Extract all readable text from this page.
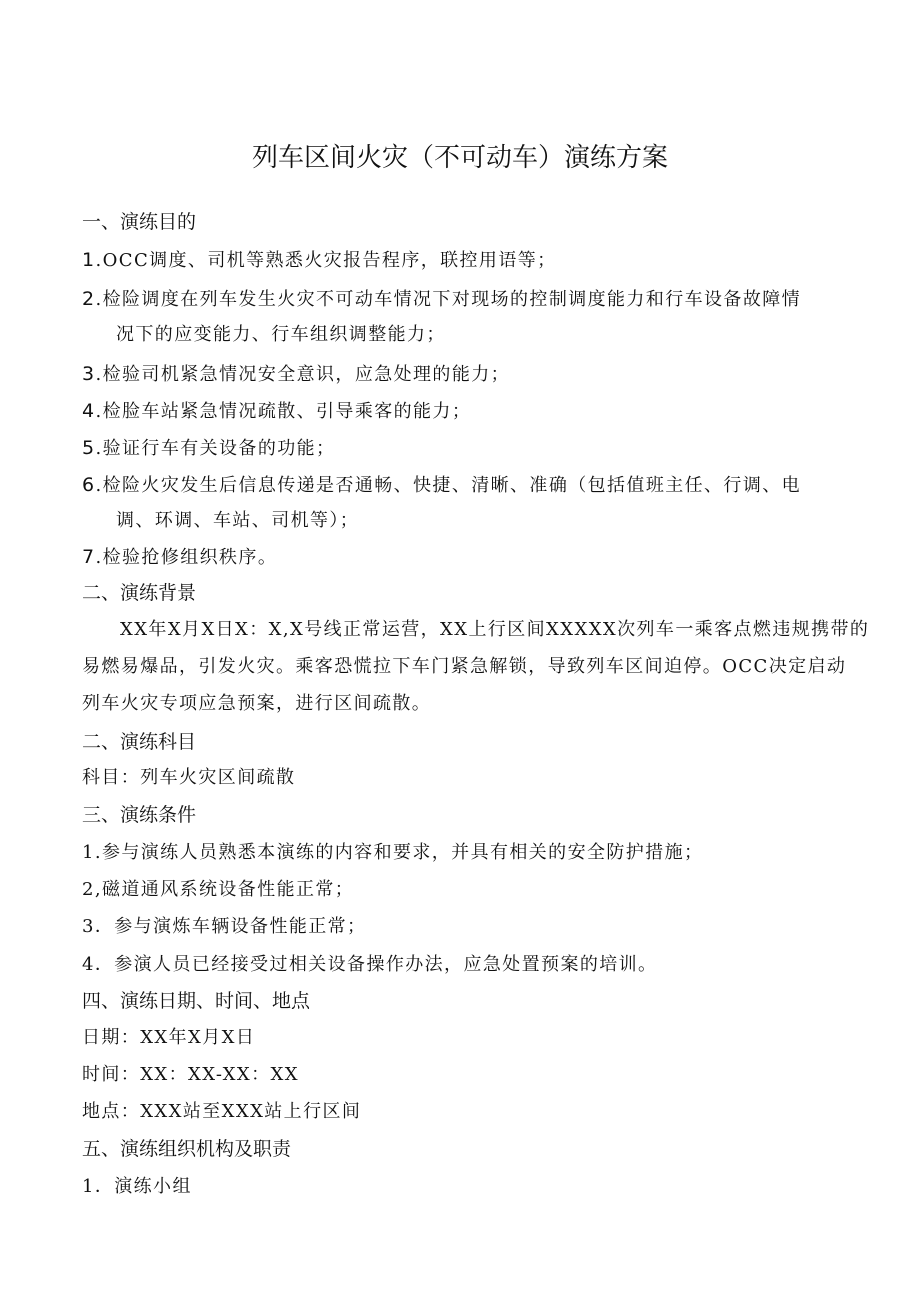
列车区间火灾（不可动车）演练方案
一、演练目的
1.OCC调度、司机等熟悉火灾报告程序，联控用语等；
2.检险调度在列车发生火灾不可动车情况下对现场的控制调度能力和行车设备故障情
况下的应变能力、行车组织调整能力；
3.检验司机紧急情况安全意识，应急处理的能力；
4.检脸车站紧急情况疏散、引导乘客的能力；
5.验证行车有关设备的功能；
6.检险火灾发生后信息传递是否通畅、快捷、清晰、准确（包括值班主任、行调、电
调、环调、车站、司机等）；
7.检验抢修组织秩序。
二、演练背景
XX年X月X日X：X,X号线正常运营，XX上行区间XXXXX次列车一乘客点燃违规携带的
易燃易爆品，引发火灾。乘客恐慌拉下车门紧急解锁，导致列车区间迫停。OCC决定启动
列车火灾专项应急预案，进行区间疏散。
二、演练科目
科目：列车火灾区间疏散
三、演练条件
1.参与演练人员熟悉本演练的内容和要求，并具有相关的安全防护措施；
2,磁道通风系统设备性能正常；
3．参与演炼车辆设备性能正常；
4．参演人员已经接受过相关设备操作办法，应急处置预案的培训。
四、演练日期、时间、地点
日期：XX年X月X日
时间：XX：XX-XX：XX
地点：XXX站至XXX站上行区间
五、演练组织机构及职责
1．演练小组
